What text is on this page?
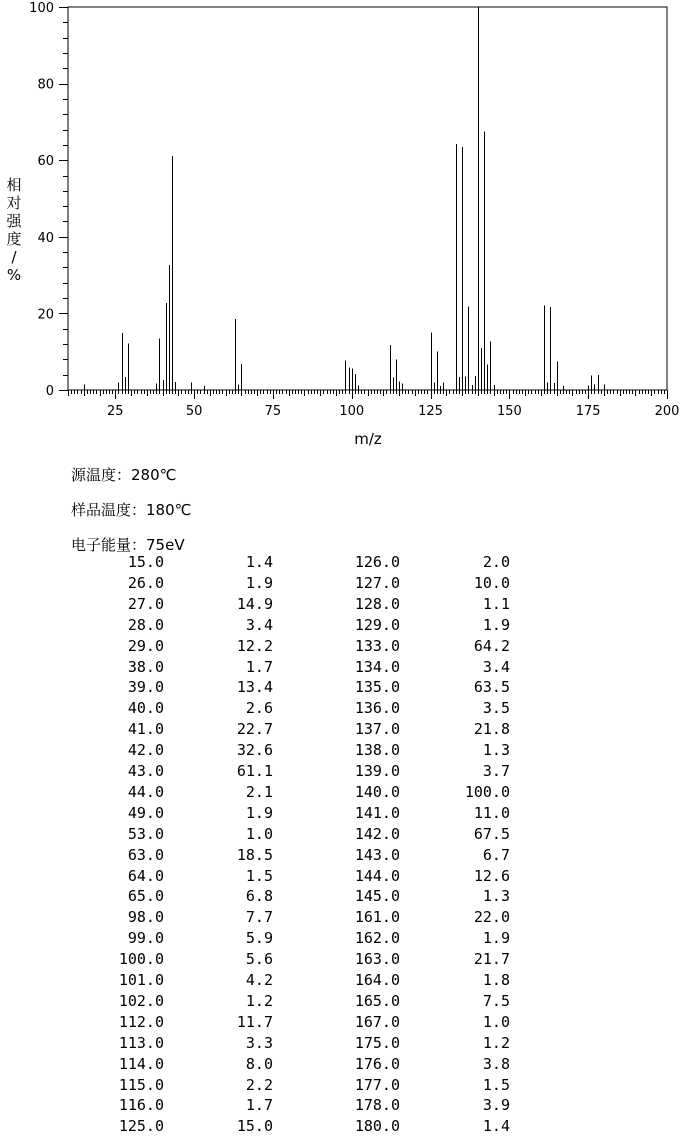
25	50	75	100	125	150	175	200
0
20
40
60
80
100
m/z
相
对
强
度
/
%
源温度：280℃
样品温度：180℃
电子能量：75eV
15.0	1.4	126.0	2.0
26.0	1.9	127.0	10.0
27.0	14.9	128.0	1.1
28.0	3.4	129.0	1.9
29.0	12.2	133.0	64.2
38.0	1.7	134.0	3.4
39.0	13.4	135.0	63.5
40.0	2.6	136.0	3.5
41.0	22.7	137.0	21.8
42.0	32.6	138.0	1.3
43.0	61.1	139.0	3.7
44.0	2.1	140.0	100.0
49.0	1.9	141.0	11.0
53.0	1.0	142.0	67.5
63.0	18.5	143.0	6.7
64.0	1.5	144.0	12.6
65.0	6.8	145.0	1.3
98.0	7.7	161.0	22.0
99.0	5.9	162.0	1.9
100.0	5.6	163.0	21.7
101.0	4.2	164.0	1.8
102.0	1.2	165.0	7.5
112.0	11.7	167.0	1.0
113.0	3.3	175.0	1.2
114.0	8.0	176.0	3.8
115.0	2.2	177.0	1.5
116.0	1.7	178.0	3.9
125.0	15.0	180.0	1.4
